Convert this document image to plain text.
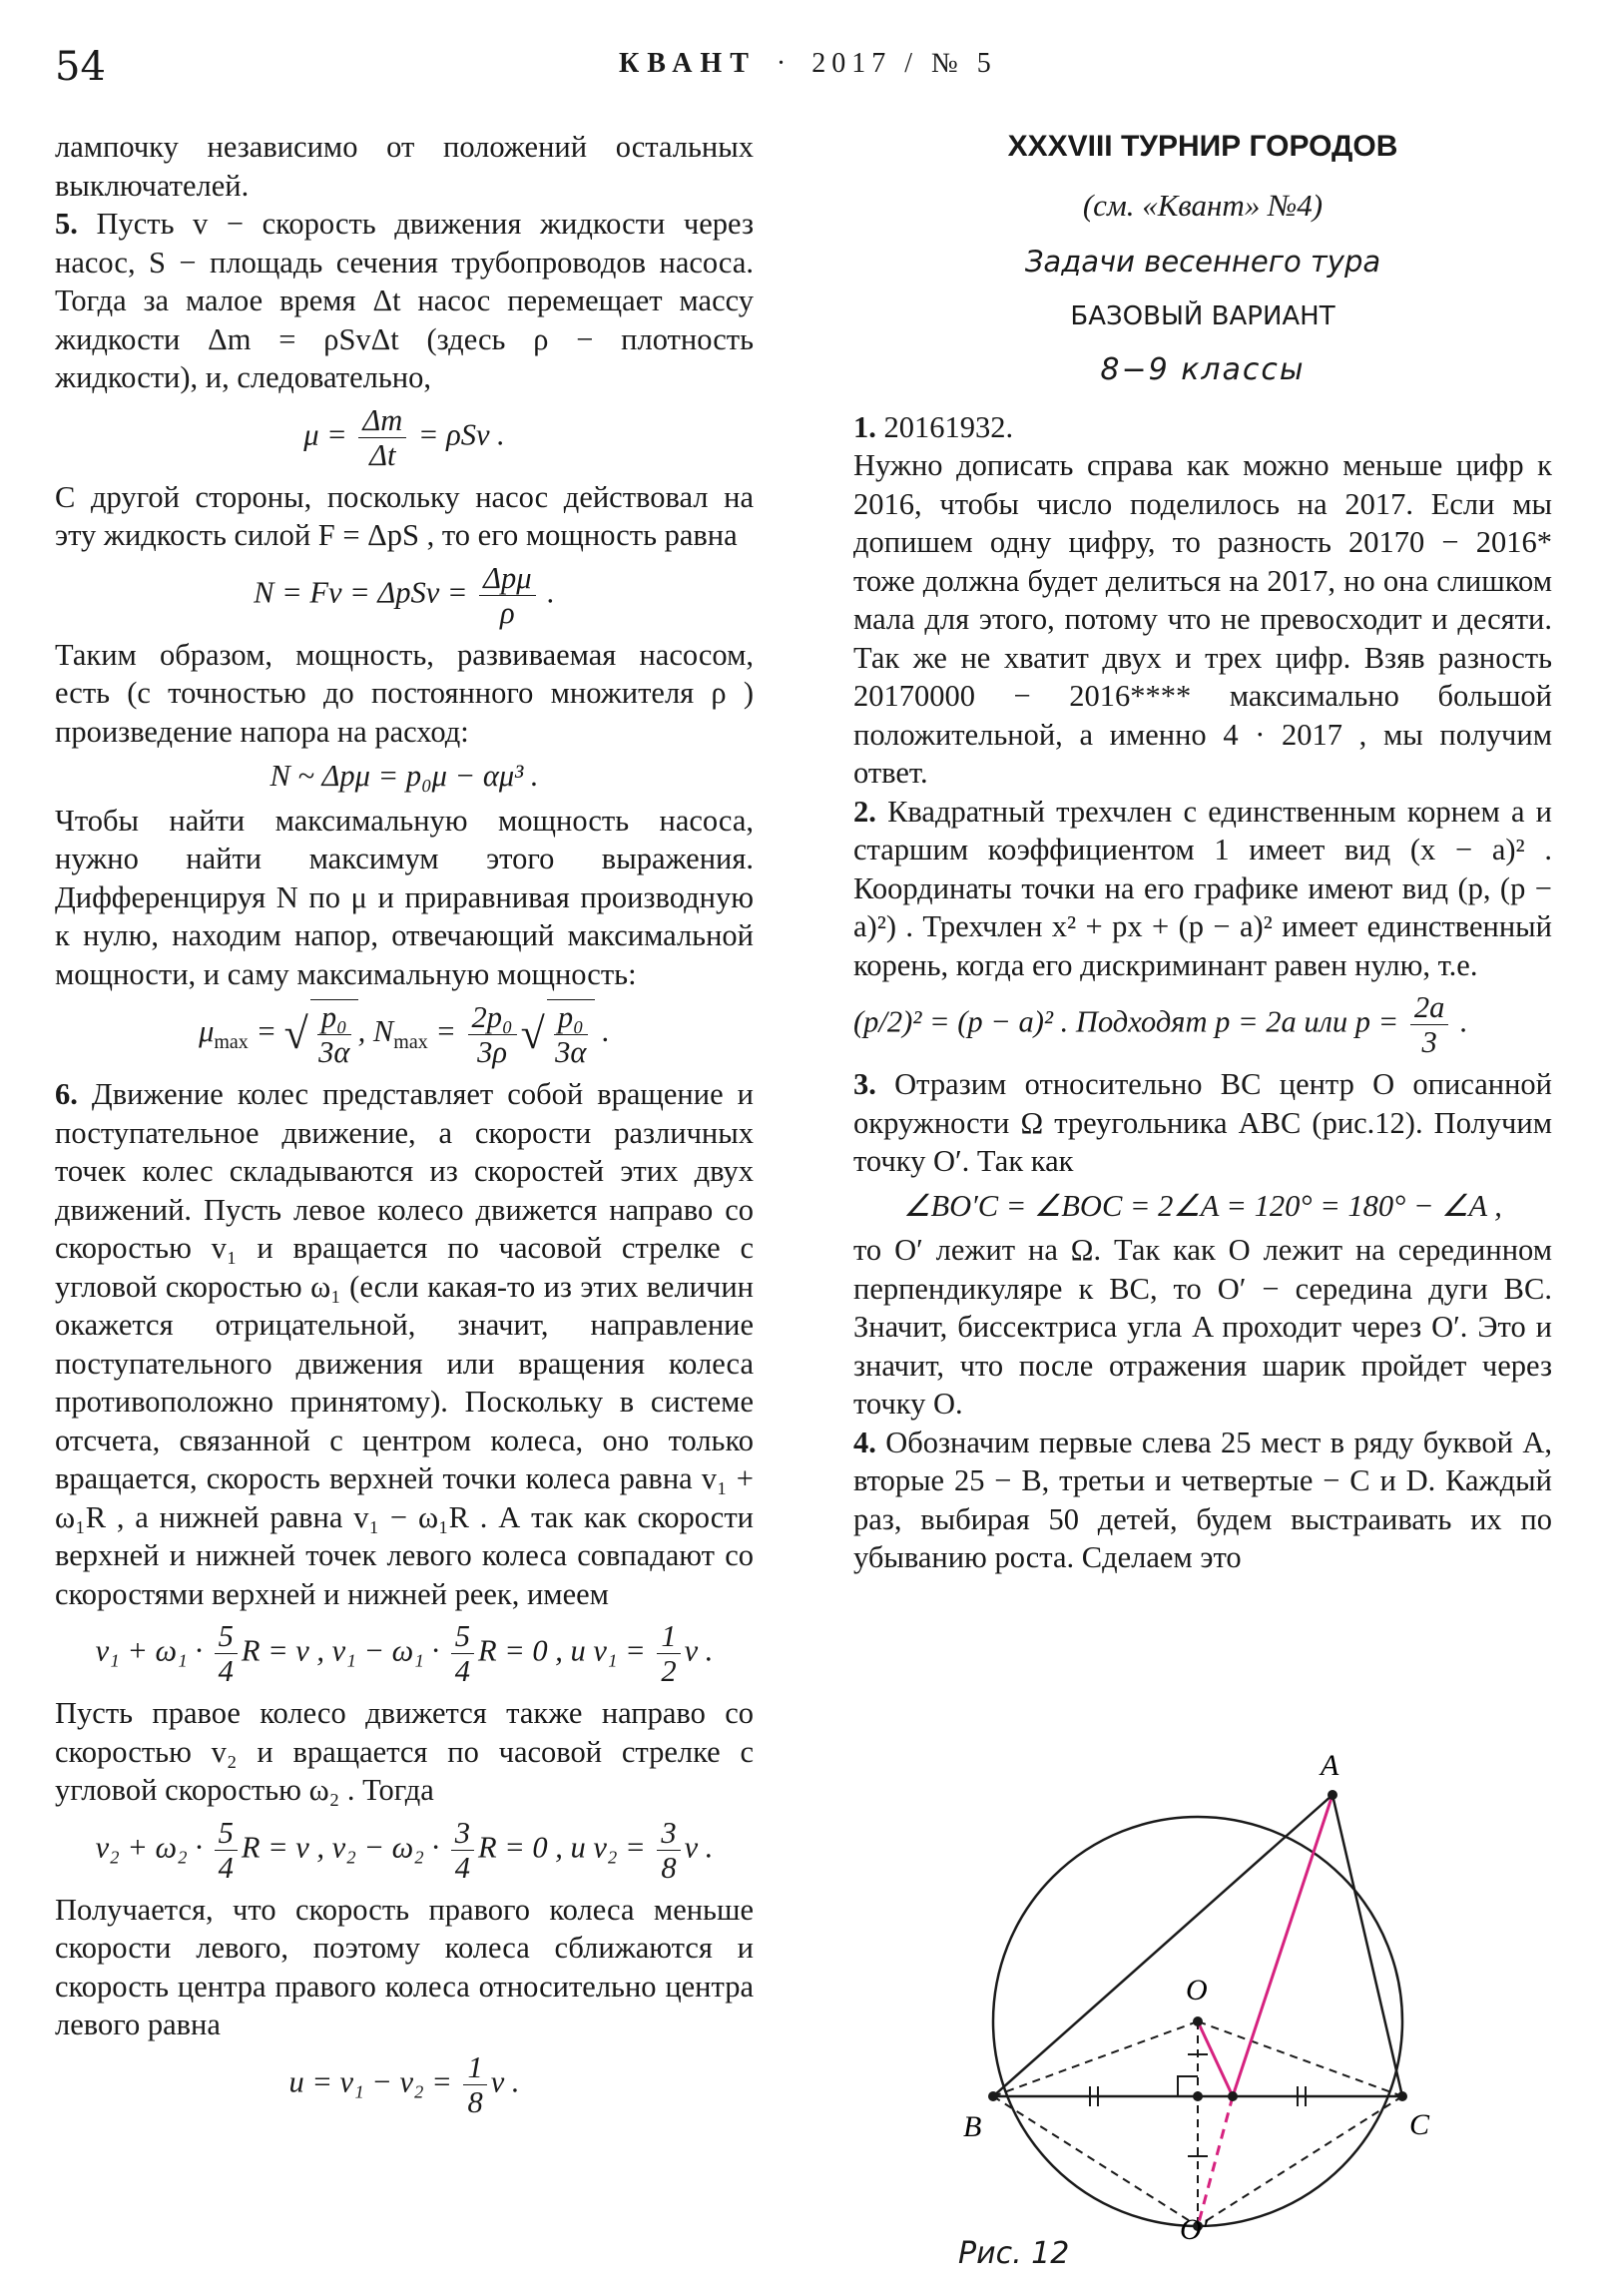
54	КВАНТ · 2017 / № 5

лампочку независимо от положений остальных выключателей.

5. Пусть v − скорость движения жидкости через насос, S − площадь сечения трубопроводов насоса. Тогда за малое время Δt насос перемещает массу жидкости Δm = ρSvΔt (здесь ρ − плотность жидкости), и, следовательно,

$\mu = \frac{\Delta m}{\Delta t} = \rho Sv$ .

С другой стороны, поскольку насос действовал на эту жидкость силой F = ΔpS , то его мощность равна

$N = Fv = \Delta pSv = \frac{\text{Δpμ}}{\rho}$ .

Таким образом, мощность, развиваемая насосом, есть (с точностью до постоянного множителя ρ ) произведение напора на расход:

N ~ Δpμ = p₀μ − αμ³ .

Чтобы найти максимальную мощность насоса, нужно найти максимум этого выражения. Дифференцируя N по μ и приравнивая производную к нулю, находим напор, отвечающий максимальной мощности, и саму максимальную мощность:

$\mu_{max}$ = √ $\frac{\text{p₀}}{3\alpha}$ , $N_{max} = \frac{\text{2p₀}}{3\rho}$ √ $\frac{\text{p₀}}{3\alpha}$ .

6. Движение колес представляет собой вращение и поступательное движение, а скорости различных точек колес складываются из скоростей этих двух движений. Пусть левое колесо движется направо со скоростью v₁ и вращается по часовой стрелке с угловой скоростью ω₁ (если какая-то из этих величин окажется отрицательной, значит, направление поступательного движения или вращения колеса противоположно принятому). Поскольку в системе отсчета, связанной с центром колеса, оно только вращается, скорость верхней точки колеса равна v₁ + ω₁R , а нижней равна v₁ − ω₁R . А так как скорости верхней и нижней точек левого колеса совпадают со скоростями верхней и нижней реек, имеем

$v_1 + \omega_1 \cdot \frac{5}{4}$ R = v , $v_1 - \omega_1 \cdot \frac{5}{4}$ R = 0 , и $v_1 = \frac{1}{2}$ v .

Пусть правое колесо движется также направо со скоростью v₂ и вращается по часовой стрелке с угловой скоростью ω₂ . Тогда

$v_2 + \omega_2 \cdot \frac{5}{4}$ R = v , $v_2 - \omega_2 \cdot \frac{3}{4}$ R = 0 , и $v_2 = \frac{3}{8}$ v .

Получается, что скорость правого колеса меньше скорости левого, поэтому колеса сближаются и скорость центра правого колеса относительно центра левого равна

$u = v_1 - v_2 = \frac{1}{8}$ v .
XXXVIII ТУРНИР ГОРОДОВ
(см. «Квант» №4)
Задачи весеннего тура
БАЗОВЫЙ ВАРИАНТ
8−9 классы

1. 20161932.

Нужно дописать справа как можно меньше цифр к 2016, чтобы число поделилось на 2017. Если мы допишем одну цифру, то разность 20170 − 2016* тоже должна будет делиться на 2017, но она слишком мала для этого, потому что не превосходит и десяти. Так же не хватит двух и трех цифр. Взяв разность 20170000 − 2016**** максимально большой положительной, а именно 4 · 2017 , мы получим ответ.

2. Квадратный трехчлен с единственным корнем a и старшим коэффициентом 1 имеет вид (x − a)² . Координаты точки на его графике имеют вид (p, (p − a)²) . Трехчлен x² + px + (p − a)² имеет единственный корень, когда его дискриминант равен нулю, т.е.

(p/2)² = (p − a)² . Подходят p = 2a или $p = \frac{2a}{3}$ .

3. Отразим относительно BC центр O описанной окружности Ω треугольника ABC (рис.12). Получим точку O′. Так как

∠BO′C = ∠BOC = 2∠A = 120° = 180° − ∠A ,

то O′ лежит на Ω. Так как O лежит на серединном перпендикуляре к BC, то O′ − середина дуги BC. Значит, биссектриса угла A проходит через O′. Это и значит, что после отражения шарик пройдет через точку O.

4. Обозначим первые слева 25 мест в ряду буквой A, вторые 25 − B, третьи и четвертые − C и D. Каждый раз, выбирая 50 детей, будем выстраивать их по убыванию роста. Сделаем это

A
B	C
O
O′
Рис. 12
